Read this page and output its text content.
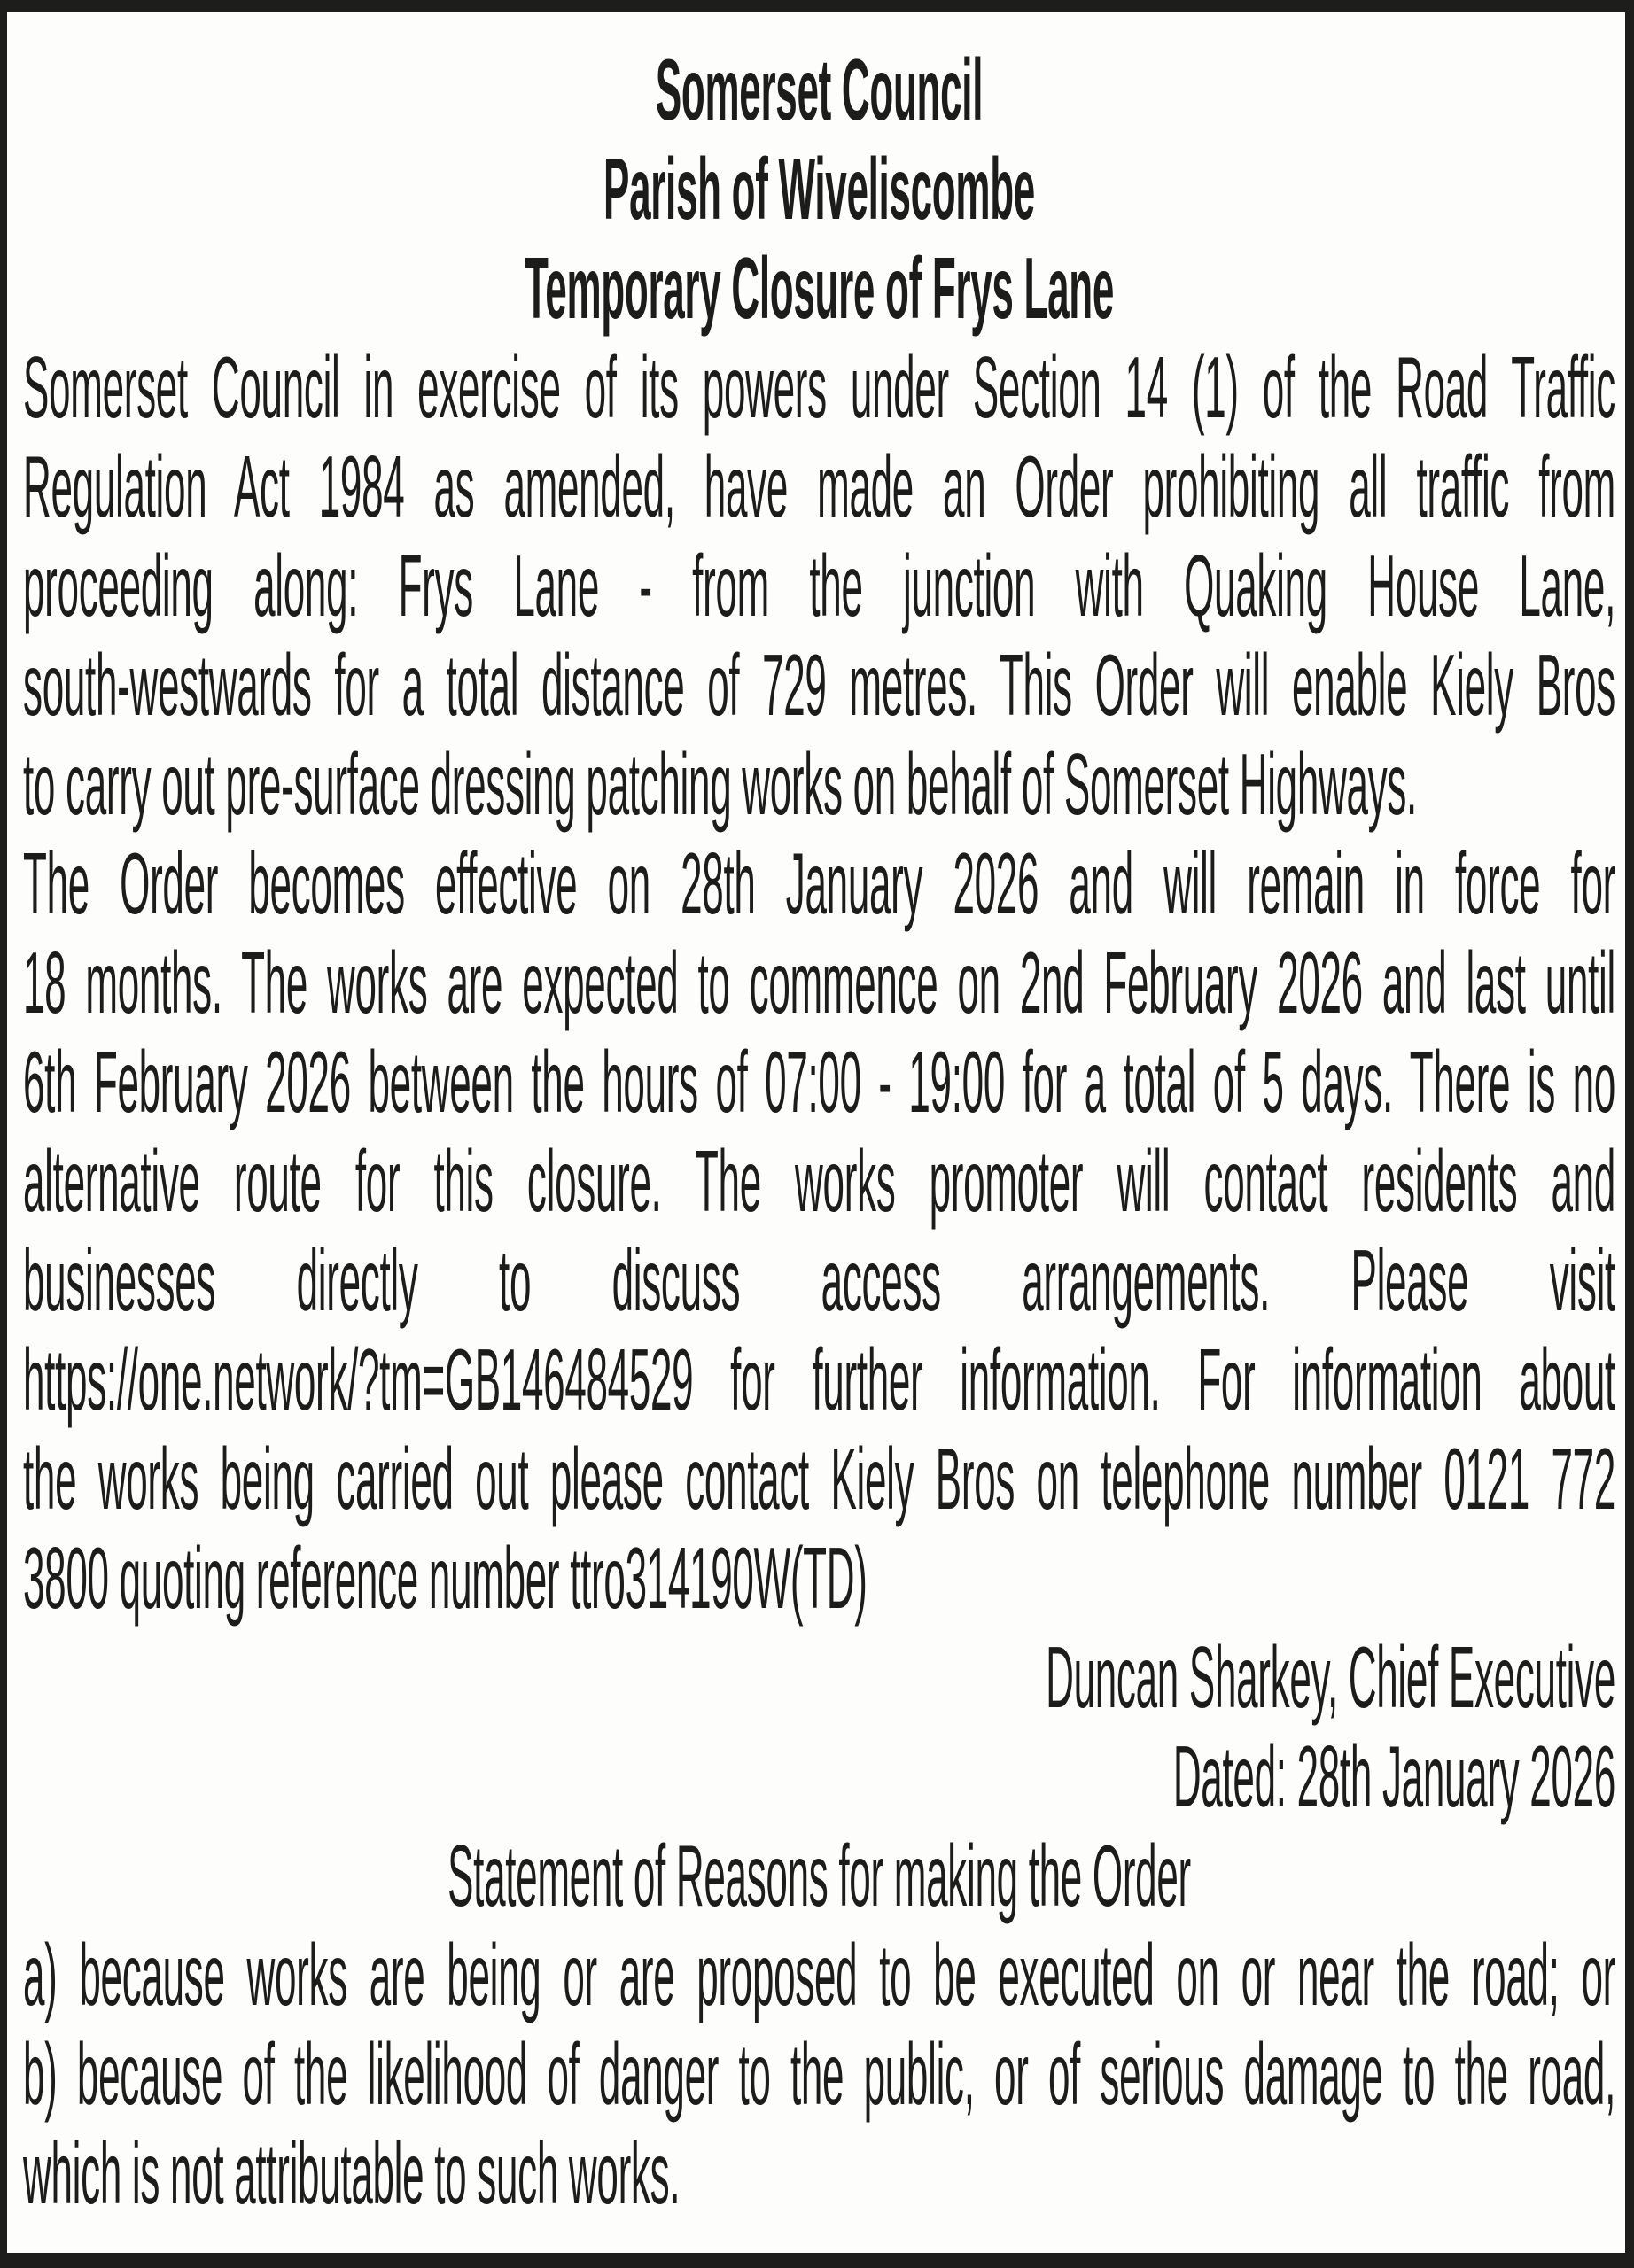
Somerset Council
Parish of Wiveliscombe
Temporary Closure of Frys Lane
Somerset Council in exercise of its powers under Section 14 (1) of the Road Traffic
Regulation Act 1984 as amended, have made an Order prohibiting all traffic from
proceeding along: Frys Lane - from the junction with Quaking House Lane,
south-westwards for a total distance of 729 metres. This Order will enable Kiely Bros
to carry out pre-surface dressing patching works on behalf of Somerset Highways.
The Order becomes effective on 28th January 2026 and will remain in force for
18 months. The works are expected to commence on 2nd February 2026 and last until
6th February 2026 between the hours of 07:00 - 19:00 for a total of 5 days. There is no
alternative route for this closure. The works promoter will contact residents and
businesses directly to discuss access arrangements. Please visit
https://one.network/?tm=GB146484529 for further information. For information about
the works being carried out please contact Kiely Bros on telephone number 0121 772
3800 quoting reference number ttro314190W(TD)
Duncan Sharkey, Chief Executive
Dated: 28th January 2026
Statement of Reasons for making the Order
a) because works are being or are proposed to be executed on or near the road; or
b) because of the likelihood of danger to the public, or of serious damage to the road,
which is not attributable to such works.
